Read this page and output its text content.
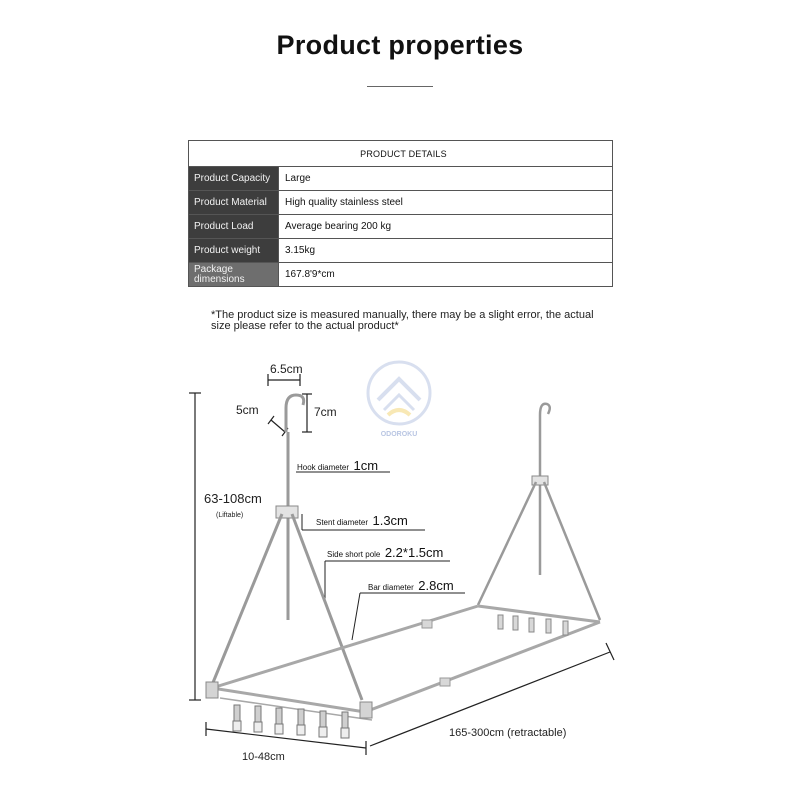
Product properties
PRODUCT DETAILS	
Product Capacity	Large
Product Material	High quality stainless steel
Product Load	Average bearing 200 kg
Product weight	3.15kg
Package dimensions	167.8'9*cm
*The product size is measured manually, there may be a slight error, the actual size please refer to the actual product*
ODOROKU
6.5cm
7cm
5cm
Hook diameter 1cm
63-108cm
(Liftable)
Stent diameter 1.3cm
Side short pole 2.2*1.5cm
Bar diameter 2.8cm
10-48cm
165-300cm (retractable)
